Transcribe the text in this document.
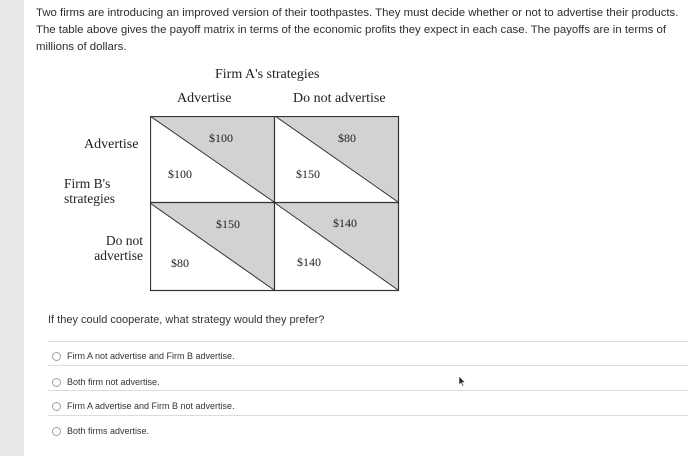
Two firms are introducing an improved version of their toothpastes. They must decide whether or not to advertise their products. The table above gives the payoff matrix in terms of the economic profits they expect in each case. The payoffs are in terms of millions of dollars.
Firm A's strategies
Advertise	Do not advertise
Advertise
Firm B's
strategies
Do not
advertise
$100
$100
$80
$150
$150
$80
$140
$140
If they could cooperate, what strategy would they prefer?
Firm A not advertise and Firm B advertise.
Both firm not advertise.
Firm A advertise and Firm B not advertise.
Both firms advertise.
